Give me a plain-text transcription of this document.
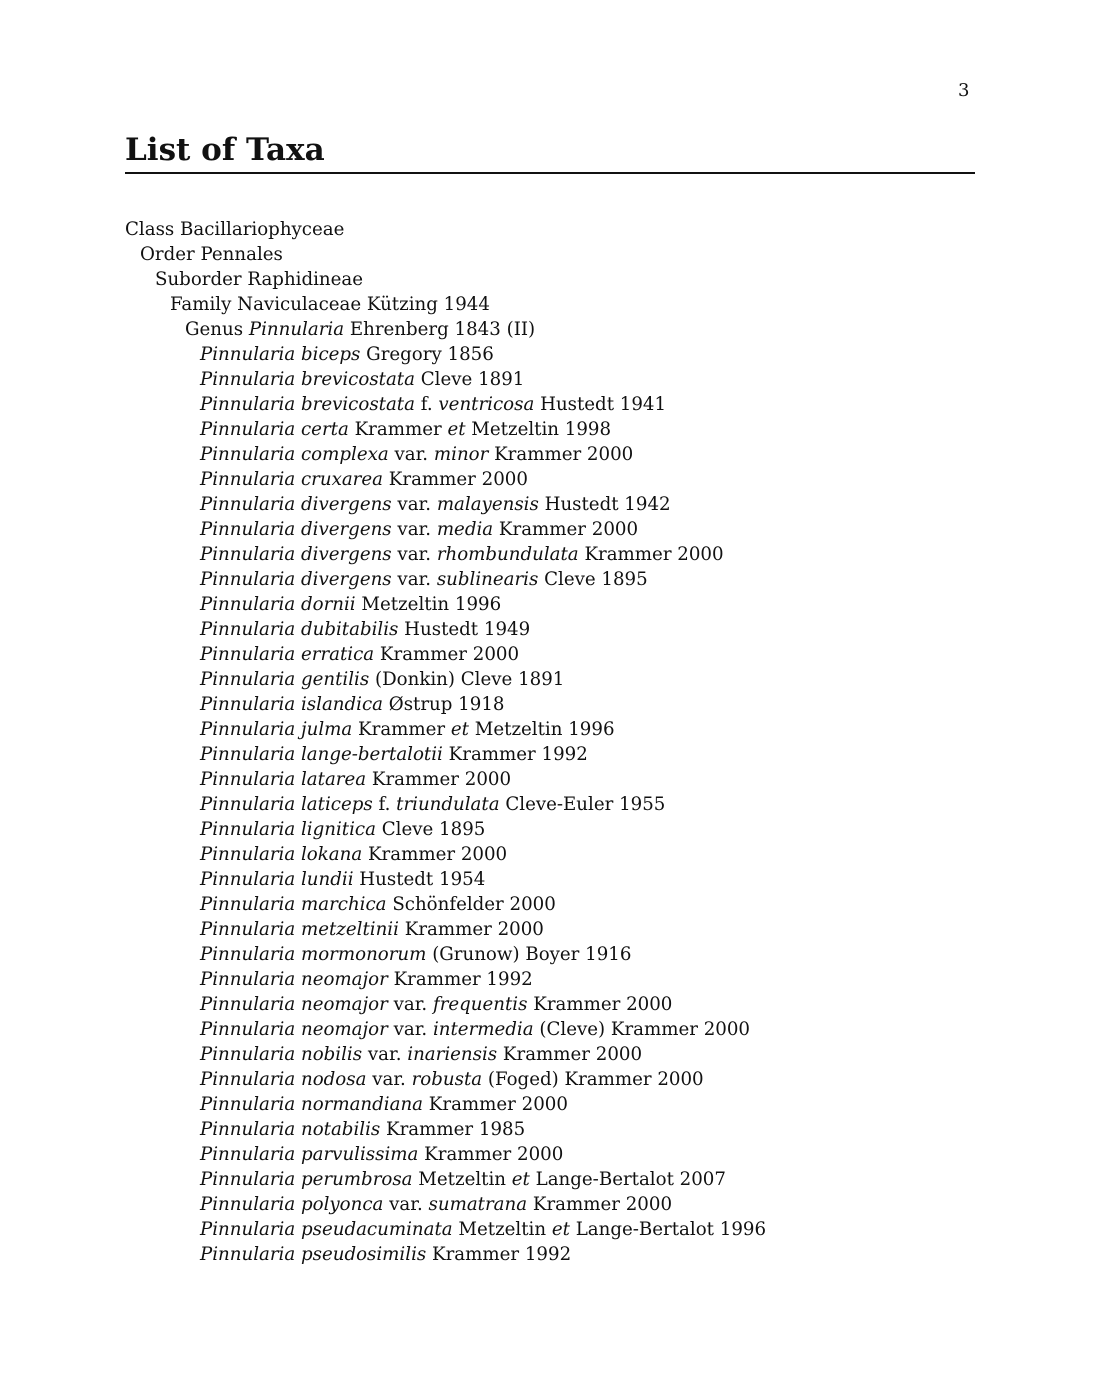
3
List of Taxa
Class Bacillariophyceae
Order Pennales
Suborder Raphidineae
Family Naviculaceae Kützing 1944
Genus Pinnularia Ehrenberg 1843 (II)
Pinnularia biceps Gregory 1856
Pinnularia brevicostata Cleve 1891
Pinnularia brevicostata f. ventricosa Hustedt 1941
Pinnularia certa Krammer et Metzeltin 1998
Pinnularia complexa var. minor Krammer 2000
Pinnularia cruxarea Krammer 2000
Pinnularia divergens var. malayensis Hustedt 1942
Pinnularia divergens var. media Krammer 2000
Pinnularia divergens var. rhombundulata Krammer 2000
Pinnularia divergens var. sublinearis Cleve 1895
Pinnularia dornii Metzeltin 1996
Pinnularia dubitabilis Hustedt 1949
Pinnularia erratica Krammer 2000
Pinnularia gentilis (Donkin) Cleve 1891
Pinnularia islandica Østrup 1918
Pinnularia julma Krammer et Metzeltin 1996
Pinnularia lange-bertalotii Krammer 1992
Pinnularia latarea Krammer 2000
Pinnularia laticeps f. triundulata Cleve-Euler 1955
Pinnularia lignitica Cleve 1895
Pinnularia lokana Krammer 2000
Pinnularia lundii Hustedt 1954
Pinnularia marchica Schönfelder 2000
Pinnularia metzeltinii Krammer 2000
Pinnularia mormonorum (Grunow) Boyer 1916
Pinnularia neomajor Krammer 1992
Pinnularia neomajor var. frequentis Krammer 2000
Pinnularia neomajor var. intermedia (Cleve) Krammer 2000
Pinnularia nobilis var. inariensis Krammer 2000
Pinnularia nodosa var. robusta (Foged) Krammer 2000
Pinnularia normandiana Krammer 2000
Pinnularia notabilis Krammer 1985
Pinnularia parvulissima Krammer 2000
Pinnularia perumbrosa Metzeltin et Lange-Bertalot 2007
Pinnularia polyonca var. sumatrana Krammer 2000
Pinnularia pseudacuminata Metzeltin et Lange-Bertalot 1996
Pinnularia pseudosimilis Krammer 1992
